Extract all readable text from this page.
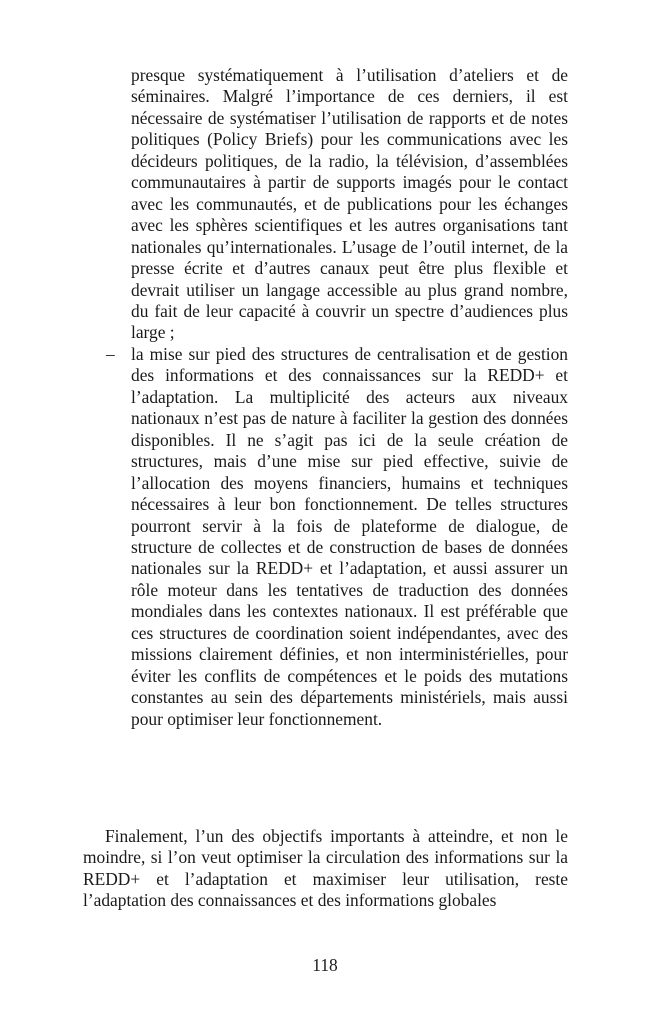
presque systématiquement à l’utilisation d’ateliers et de séminaires. Malgré l’importance de ces derniers, il est nécessaire de systématiser l’utilisation de rapports et de notes politiques (Policy Briefs) pour les communications avec les décideurs politiques, de la radio, la télévision, d’assemblées communautaires à partir de supports imagés pour le contact avec les communautés, et de publications pour les échanges avec les sphères scientifiques et les autres organisations tant nationales qu’internationales. L’usage de l’outil internet, de la presse écrite et d’autres canaux peut être plus flexible et devrait utiliser un langage accessible au plus grand nombre, du fait de leur capacité à couvrir un spectre d’audiences plus large ;

– la mise sur pied des structures de centralisation et de gestion des informations et des connaissances sur la REDD+ et l’adaptation. La multiplicité des acteurs aux niveaux nationaux n’est pas de nature à faciliter la gestion des données disponibles. Il ne s’agit pas ici de la seule création de structures, mais d’une mise sur pied effective, suivie de l’allocation des moyens financiers, humains et techniques nécessaires à leur bon fonctionnement. De telles structures pourront servir à la fois de plateforme de dialogue, de structure de collectes et de construction de bases de données nationales sur la REDD+ et l’adaptation, et aussi assurer un rôle moteur dans les tentatives de traduction des données mondiales dans les contextes nationaux. Il est préférable que ces structures de coordination soient indépendantes, avec des missions clairement définies, et non interministérielles, pour éviter les conflits de compétences et le poids des mutations constantes au sein des départements ministériels, mais aussi pour optimiser leur fonctionnement.

Finalement, l’un des objectifs importants à atteindre, et non le moindre, si l’on veut optimiser la circulation des informations sur la REDD+ et l’adaptation et maximiser leur utilisation, reste l’adaptation des connaissances et des informations globales

118
